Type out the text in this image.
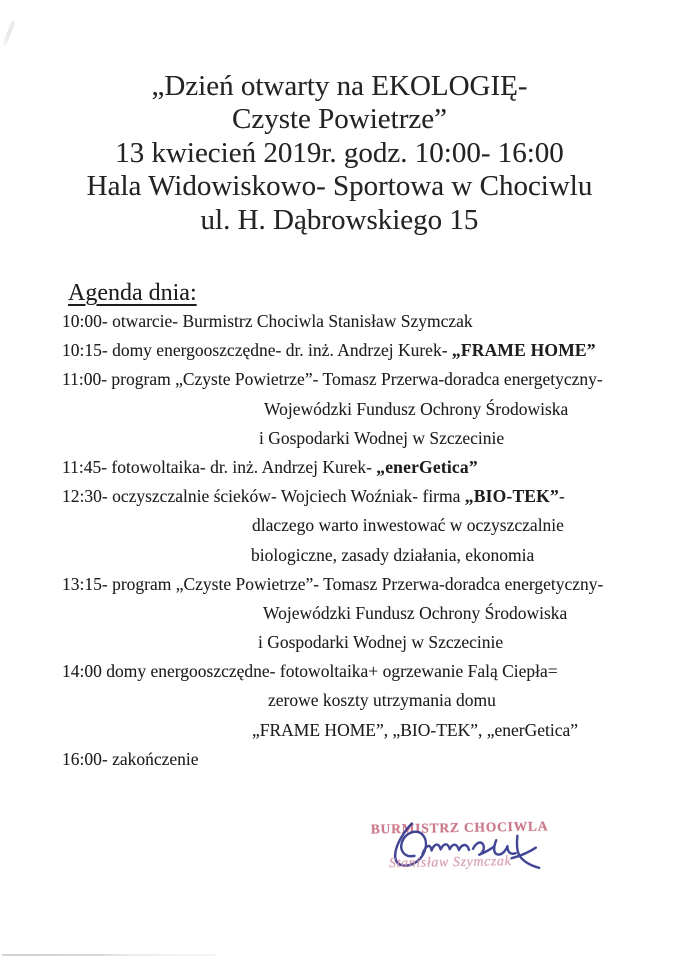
„Dzień otwarty na EKOLOGIĘ-
Czyste Powietrze”
13 kwiecień 2019r. godz. 10:00- 16:00
Hala Widowiskowo- Sportowa w Chociwlu
ul. H. Dąbrowskiego 15
Agenda dnia:
10:00- otwarcie- Burmistrz Chociwla Stanisław Szymczak
10:15- domy energooszczędne- dr. inż. Andrzej Kurek- „FRAME HOME”
11:00- program „Czyste Powietrze”- Tomasz Przerwa-doradca energetyczny-
Wojewódzki Fundusz Ochrony Środowiska
i Gospodarki Wodnej w Szczecinie
11:45- fotowoltaika- dr. inż. Andrzej Kurek- „enerGetica”
12:30- oczyszczalnie ścieków- Wojciech Woźniak- firma „BIO-TEK”-
dlaczego warto inwestować w oczyszczalnie
biologiczne, zasady działania, ekonomia
13:15- program „Czyste Powietrze”- Tomasz Przerwa-doradca energetyczny-
Wojewódzki Fundusz Ochrony Środowiska
i Gospodarki Wodnej w Szczecinie
14:00 domy energooszczędne- fotowoltaika+ ogrzewanie Falą Ciepła=
zerowe koszty utrzymania domu
„FRAME HOME”, „BIO-TEK”, „enerGetica”
16:00- zakończenie
BURMISTRZ CHOCIWLA
Stanisław Szymczak
